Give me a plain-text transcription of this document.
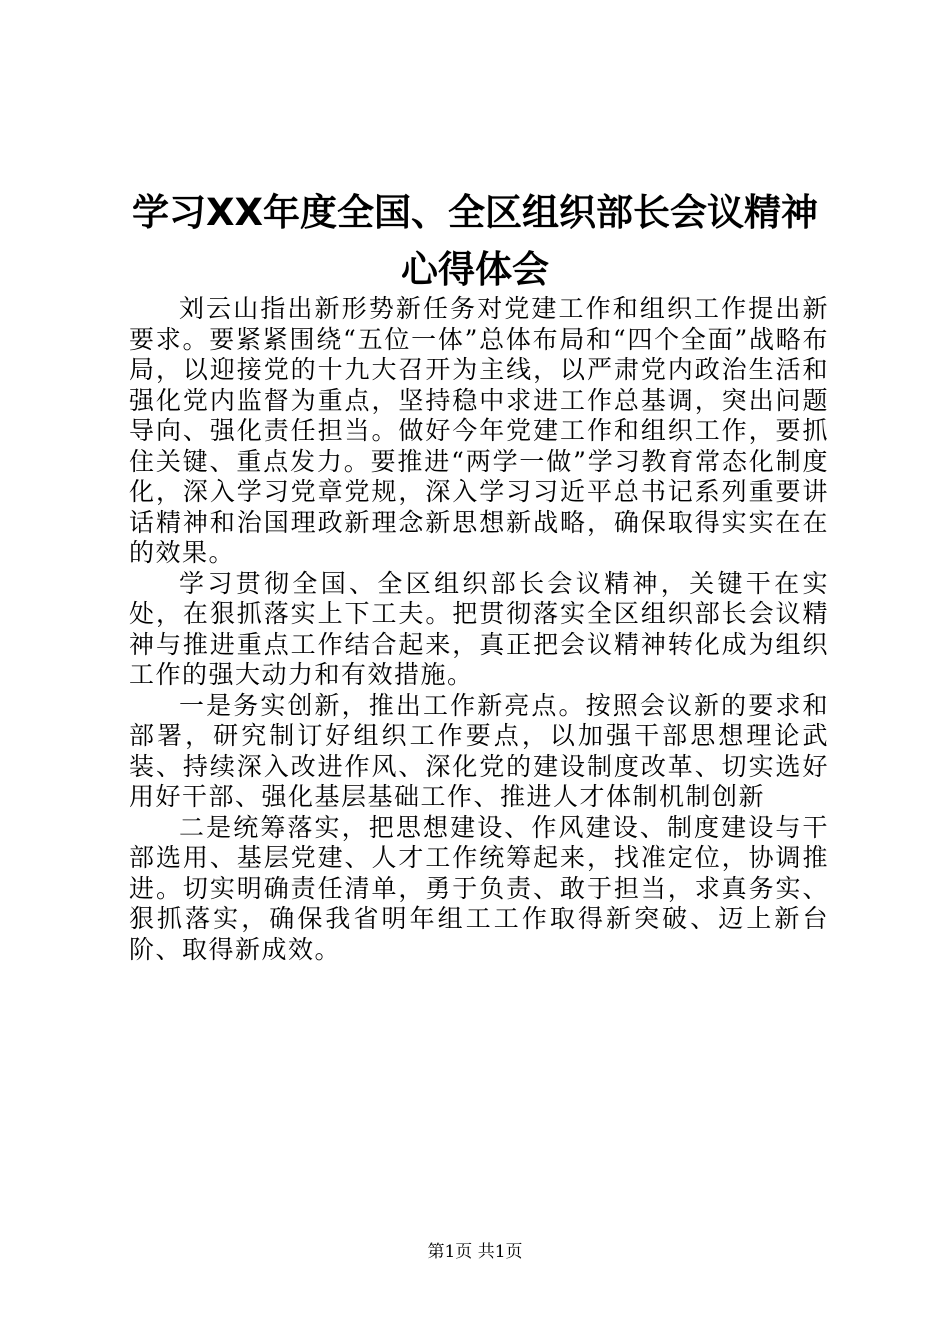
学习XX年度全国、全区组织部长会议精神心得体会

刘云山指出新形势新任务对党建工作和组织工作提出新要求。要紧紧围绕“五位一体”总体布局和“四个全面”战略布局，以迎接党的十九大召开为主线，以严肃党内政治生活和强化党内监督为重点，坚持稳中求进工作总基调，突出问题导向、强化责任担当。做好今年党建工作和组织工作，要抓住关键、重点发力。要推进“两学一做”学习教育常态化制度化，深入学习党章党规，深入学习习近平总书记系列重要讲话精神和治国理政新理念新思想新战略，确保取得实实在在的效果。

学习贯彻全国、全区组织部长会议精神，关键干在实处，在狠抓落实上下工夫。把贯彻落实全区组织部长会议精神与推进重点工作结合起来，真正把会议精神转化成为组织工作的强大动力和有效措施。

一是务实创新，推出工作新亮点。按照会议新的要求和部署，研究制订好组织工作要点，以加强干部思想理论武装、持续深入改进作风、深化党的建设制度改革、切实选好用好干部、强化基层基础工作、推进人才体制机制创新

二是统筹落实，把思想建设、作风建设、制度建设与干部选用、基层党建、人才工作统筹起来，找准定位，协调推进。切实明确责任清单，勇于负责、敢于担当，求真务实、狠抓落实，确保我省明年组工工作取得新突破、迈上新台阶、取得新成效。

第1页 共1页
